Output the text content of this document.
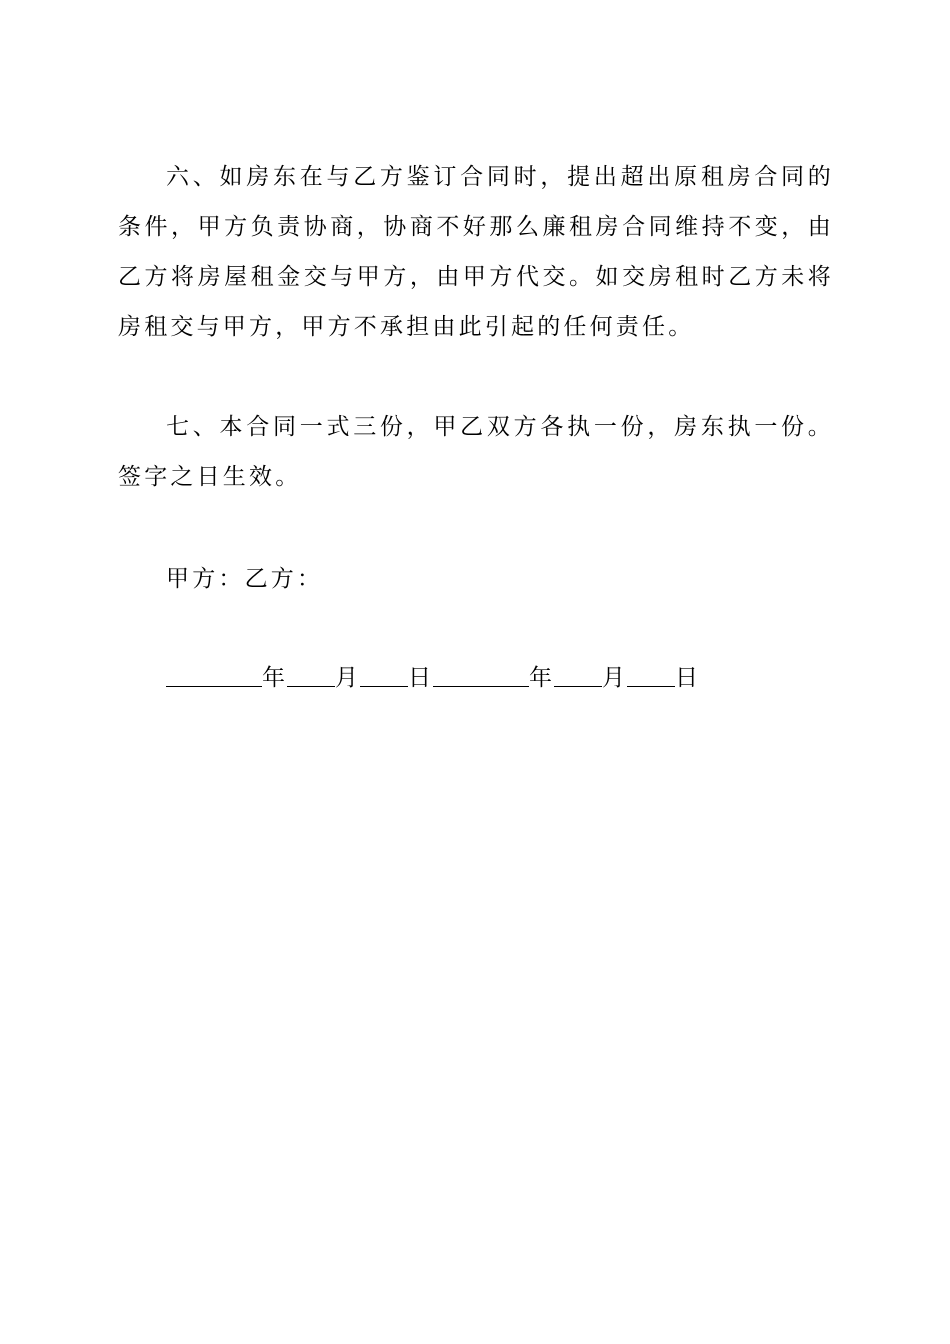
六、如房东在与乙方鉴订合同时，提出超出原租房合同的条件，甲方负责协商，协商不好那么廉租房合同维持不变，由乙方将房屋租金交与甲方，由甲方代交。如交房租时乙方未将房租交与甲方，甲方不承担由此引起的任何责任。

七、本合同一式三份，甲乙双方各执一份，房东执一份。签字之日生效。

甲方：乙方：

年 月 日	年 月 日
